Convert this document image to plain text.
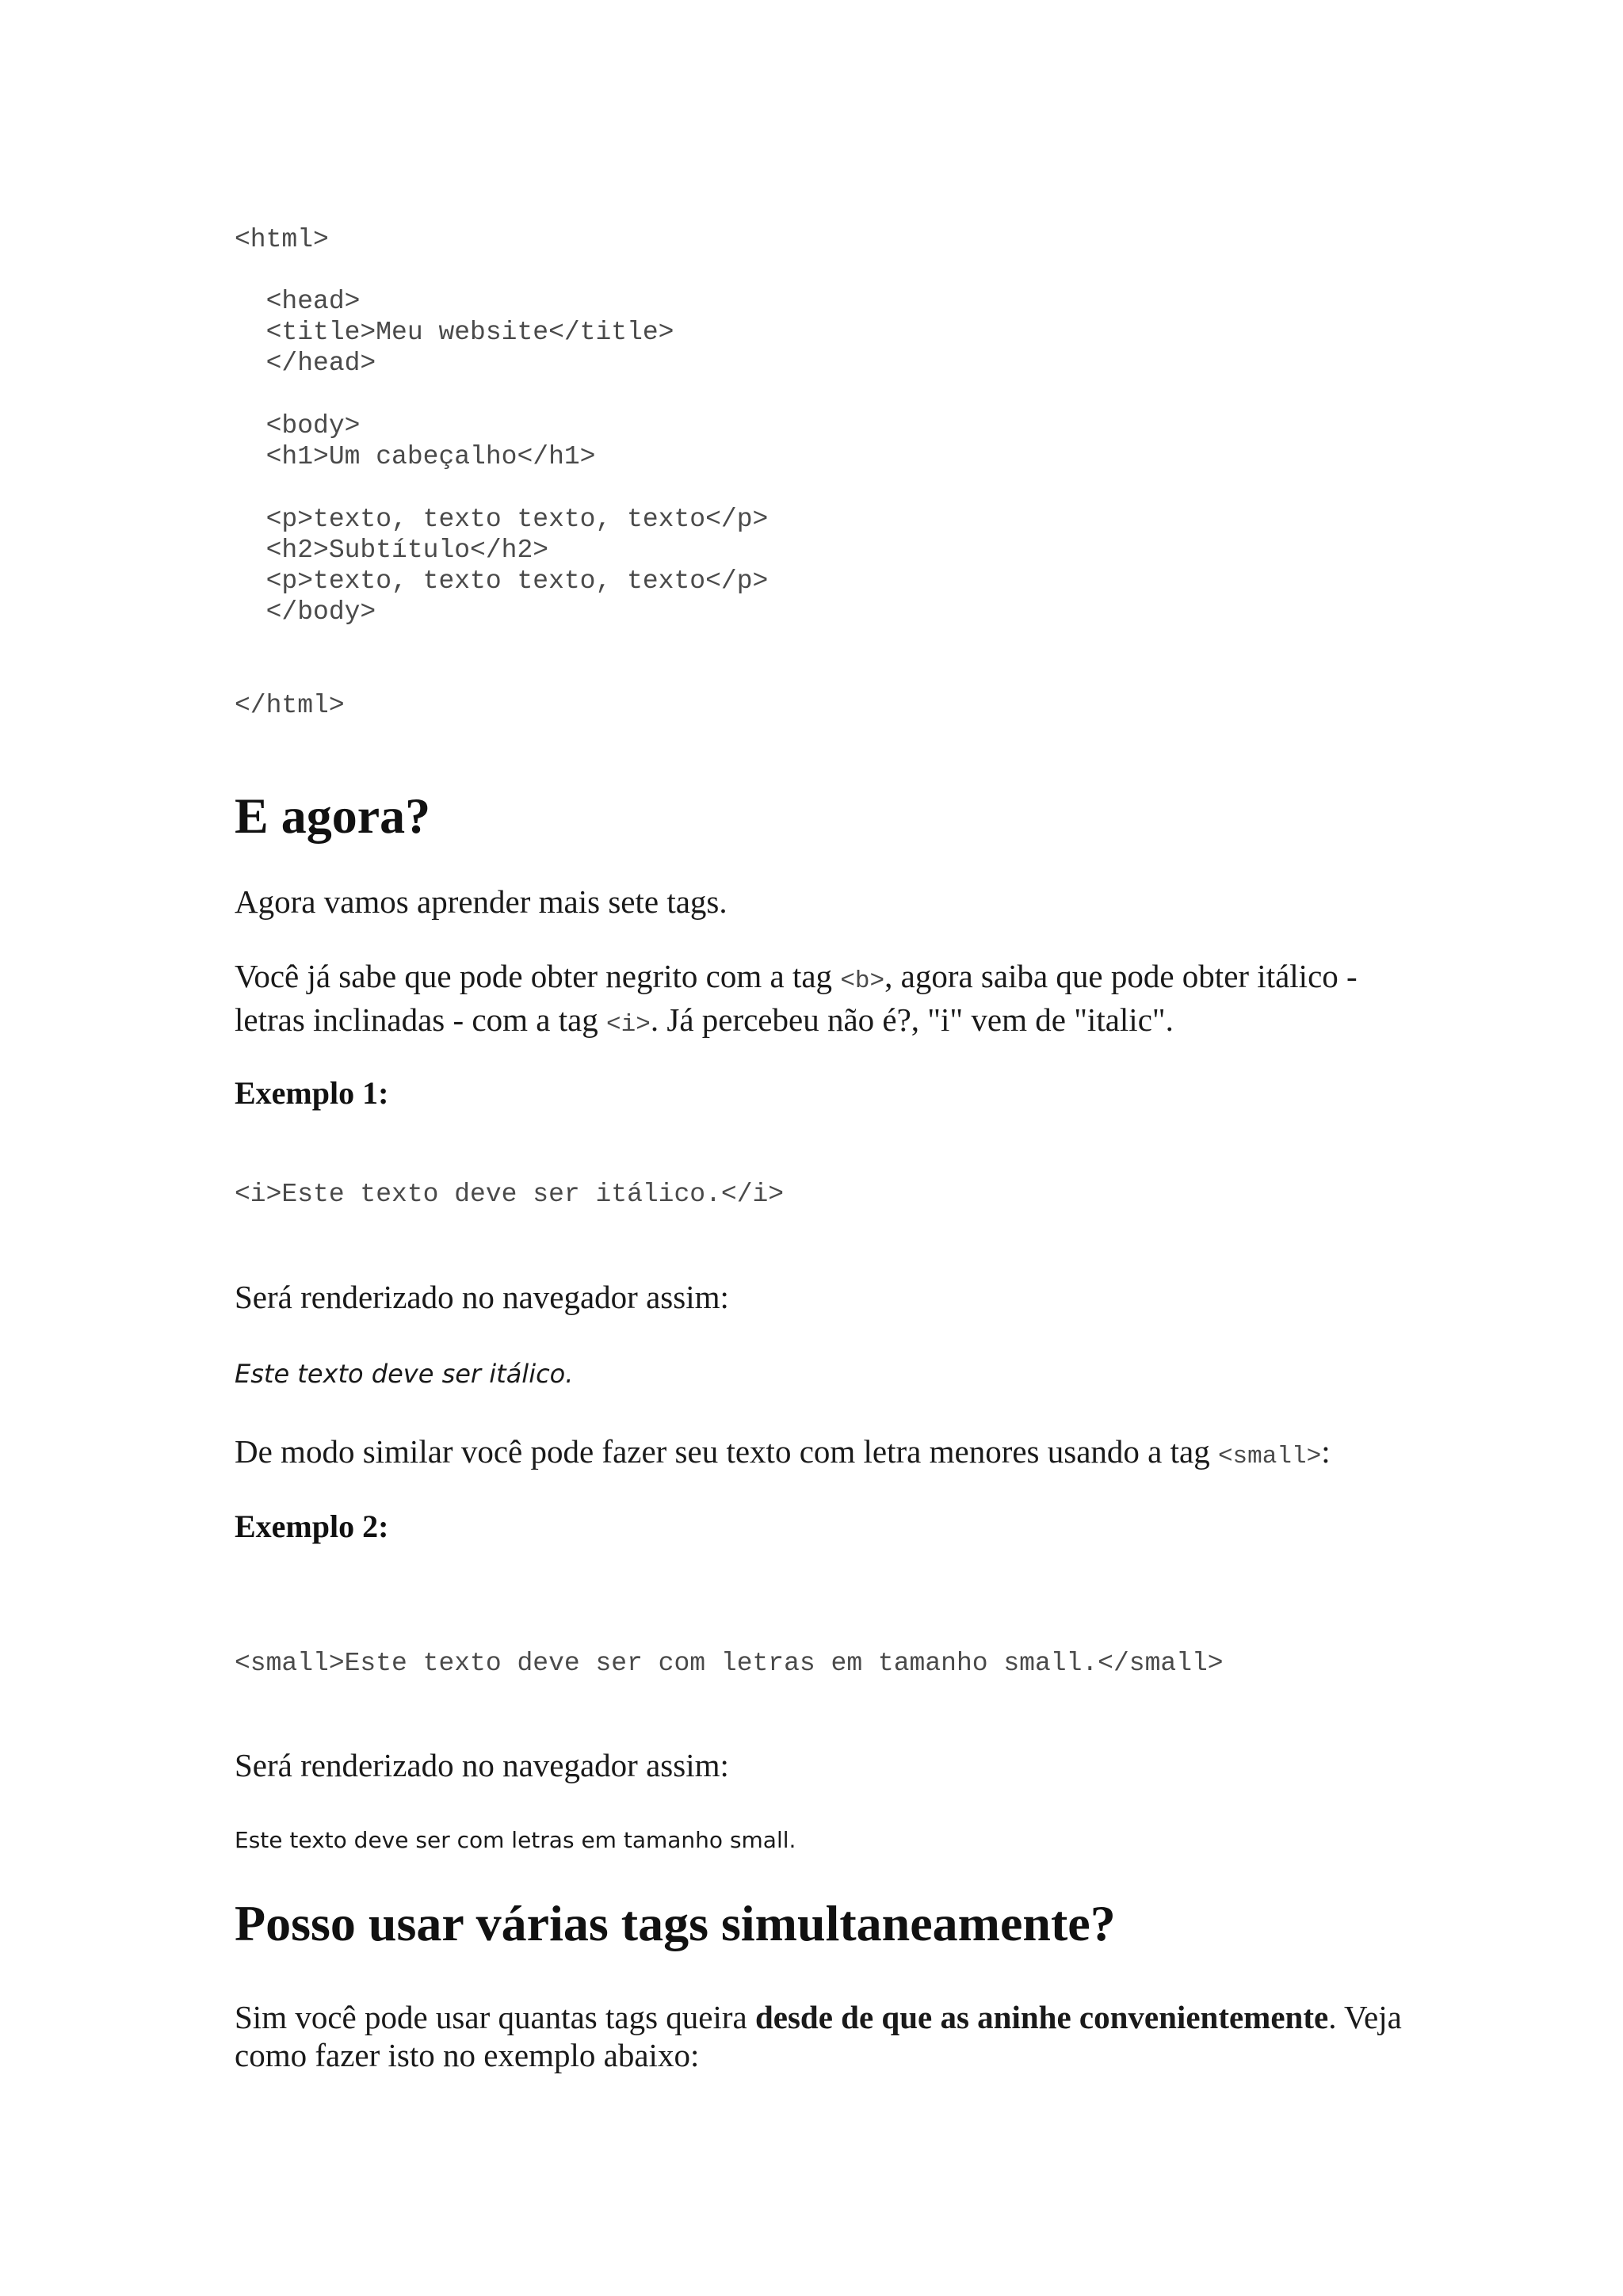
<html>

<head>

<title>Meu website</title>

</head>

<body>

<h1>Um cabeçalho</h1>

<p>texto, texto texto, texto</p>

<h2>Subtítulo</h2>

<p>texto, texto texto, texto</p>

</body>

</html>

E agora?

Agora vamos aprender mais sete tags.

Você já sabe que pode obter negrito com a tag <b>, agora saiba que pode obter itálico -
letras inclinadas - com a tag <i>. Já percebeu não é?, "i" vem de "italic".

Exemplo 1:

<i>Este texto deve ser itálico.</i>

Será renderizado no navegador assim:

Este texto deve ser itálico.

De modo similar você pode fazer seu texto com letra menores usando a tag <small>:

Exemplo 2:

<small>Este texto deve ser com letras em tamanho small.</small>

Será renderizado no navegador assim:

Este texto deve ser com letras em tamanho small.

Posso usar várias tags simultaneamente?

Sim você pode usar quantas tags queira desde de que as aninhe convenientemente. Veja
como fazer isto no exemplo abaixo:
